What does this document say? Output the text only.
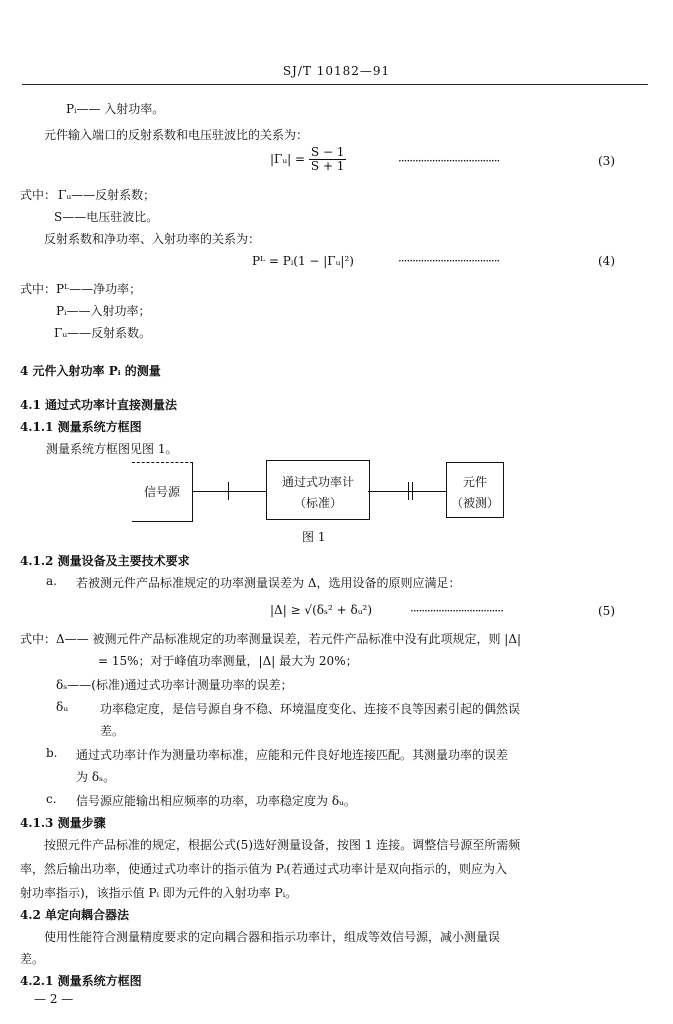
SJ/T 10182—91
Pᵢ—— 入射功率。
元件输入端口的反射系数和电压驻波比的关系为：
|Γᵤ| = $\frac{S - 1}{S + 1}$	····································	(3)
式中： Γᵤ——反射系数；
S——电压驻波比。
反射系数和净功率、入射功率的关系为：
Pᴸ = Pᵢ(1 − |Γᵤ|²)	····································	(4)
式中： Pᴸ——净功率；
Pᵢ——入射功率；
Γᵤ——反射系数。
4 元件入射功率 Pᵢ 的测量
4.1 通过式功率计直接测量法
4.1.1 测量系统方框图
测量系统方框图见图 1。
信号源
通过式功率计
（标准）
元件
（被测）
图 1
4.1.2 测量设备及主要技术要求
a. 若被测元件产品标准规定的功率测量误差为 Δ，选用设备的原则应满足：
|Δ| ≥ √(δₛ² + δᵤ²)	·································	(5)
式中：Δ—— 被测元件产品标准规定的功率测量误差，若元件产品标准中没有此项规定，则 |Δ|
= 15%；对于峰值功率测量，|Δ| 最大为 20%；
δₛ——(标准)通过式功率计测量功率的误差；
δᵤ	功率稳定度，是信号源自身不稳、环境温度变化、连接不良等因素引起的偶然误
差。
b. 通过式功率计作为测量功率标准，应能和元件良好地连接匹配。其测量功率的误差
为 δₛ。
c. 信号源应能输出相应频率的功率，功率稳定度为 δᵤ。
4.1.3 测量步骤
按照元件产品标准的规定，根据公式(5)选好测量设备，按图 1 连接。调整信号源至所需频
率，然后输出功率，使通过式功率计的指示值为 Pᵢ(若通过式功率计是双向指示的，则应为入
射功率指示)，该指示值 Pᵢ 即为元件的入射功率 Pᵢ。
4.2 单定向耦合器法
使用性能符合测量精度要求的定向耦合器和指示功率计，组成等效信号源，减小测量误
差。
4.2.1 测量系统方框图
— 2 —
